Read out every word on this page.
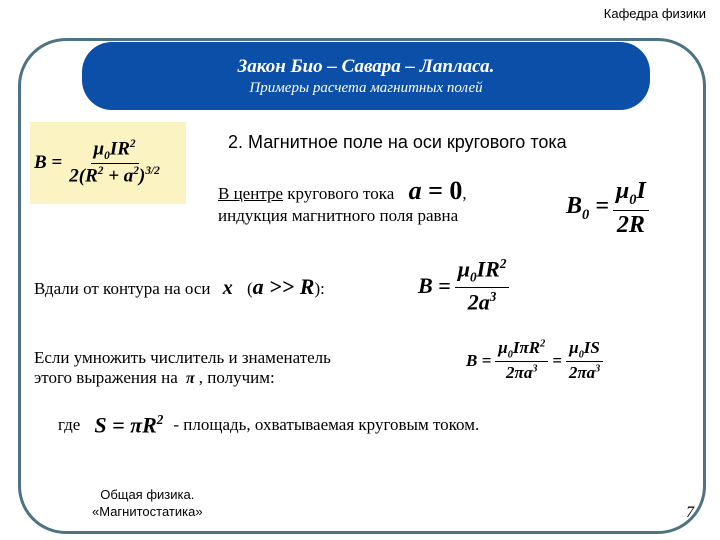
Кафедра физики
Закон Био – Савара – Лапласа.
Примеры расчета магнитных полей
$B = \frac{\mu_0IR^2}{2(R^2 + a^2)^{3/2}}$	2. Магнитное поле на оси кругового тока
В центре кругового тока a = 0,
индукция магнитного поля равна	$B_0 = \frac{\mu_0I}{2R}$
Вдали от контура на оси x (a >> R):	$B = \frac{\mu_0IR^2}{2a^3}$
Если умножить числитель и знаменатель
этого выражения на π , получим:
$B = \frac{\mu_0I\pi R^2}{2\pi a^3} = \frac{\mu_0IS}{2\pi a^3}$
где $S = \pi R^2$ - площадь, охватываемая круговым током.
Общая физика.
«Магнитостатика»	7
